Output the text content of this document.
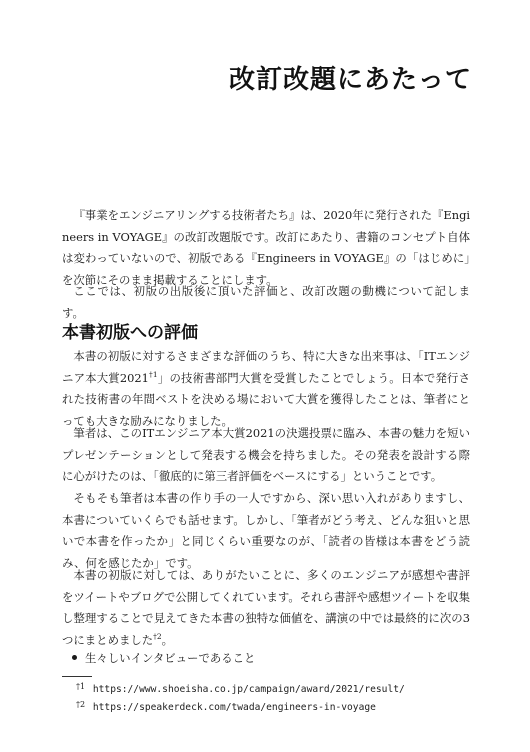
改訂改題にあたって

『事業をエンジニアリングする技術者たち』は、2020年に発行された『Engineers in VOYAGE』の改訂改題版です。改訂にあたり、書籍のコンセプト自体は変わっていないので、初版である『Engineers in VOYAGE』の「はじめに」を次節にそのまま掲載することにします。

ここでは、初版の出版後に頂いた評価と、改訂改題の動機について記します。

本書初版への評価

本書の初版に対するさまざまな評価のうち、特に大きな出来事は、「ITエンジニア本大賞2021$^{\dagger 1}$」の技術書部門大賞を受賞したことでしょう。日本で発行された技術書の年間ベストを決める場において大賞を獲得したことは、筆者にとっても大きな励みになりました。

筆者は、このITエンジニア本大賞2021の決選投票に臨み、本書の魅力を短いプレゼンテーションとして発表する機会を持ちました。その発表を設計する際に心がけたのは、「徹底的に第三者評価をベースにする」ということです。

そもそも筆者は本書の作り手の一人ですから、深い思い入れがありますし、本書についていくらでも話せます。しかし、「筆者がどう考え、どんな狙いと思いで本書を作ったか」と同じくらい重要なのが、「読者の皆様は本書をどう読み、何を感じたか」です。

本書の初版に対しては、ありがたいことに、多くのエンジニアが感想や書評をツイートやブログで公開してくれています。それら書評や感想ツイートを収集し整理することで見えてきた本書の独特な価値を、講演の中では最終的に次の3つにまとめました$^{\dagger 2}$。

生々しいインタビューであること
$^{\dagger 1}$ https://www.shoeisha.co.jp/campaign/award/2021/result/
$^{\dagger 2}$ https://speakerdeck.com/twada/engineers-in-voyage
